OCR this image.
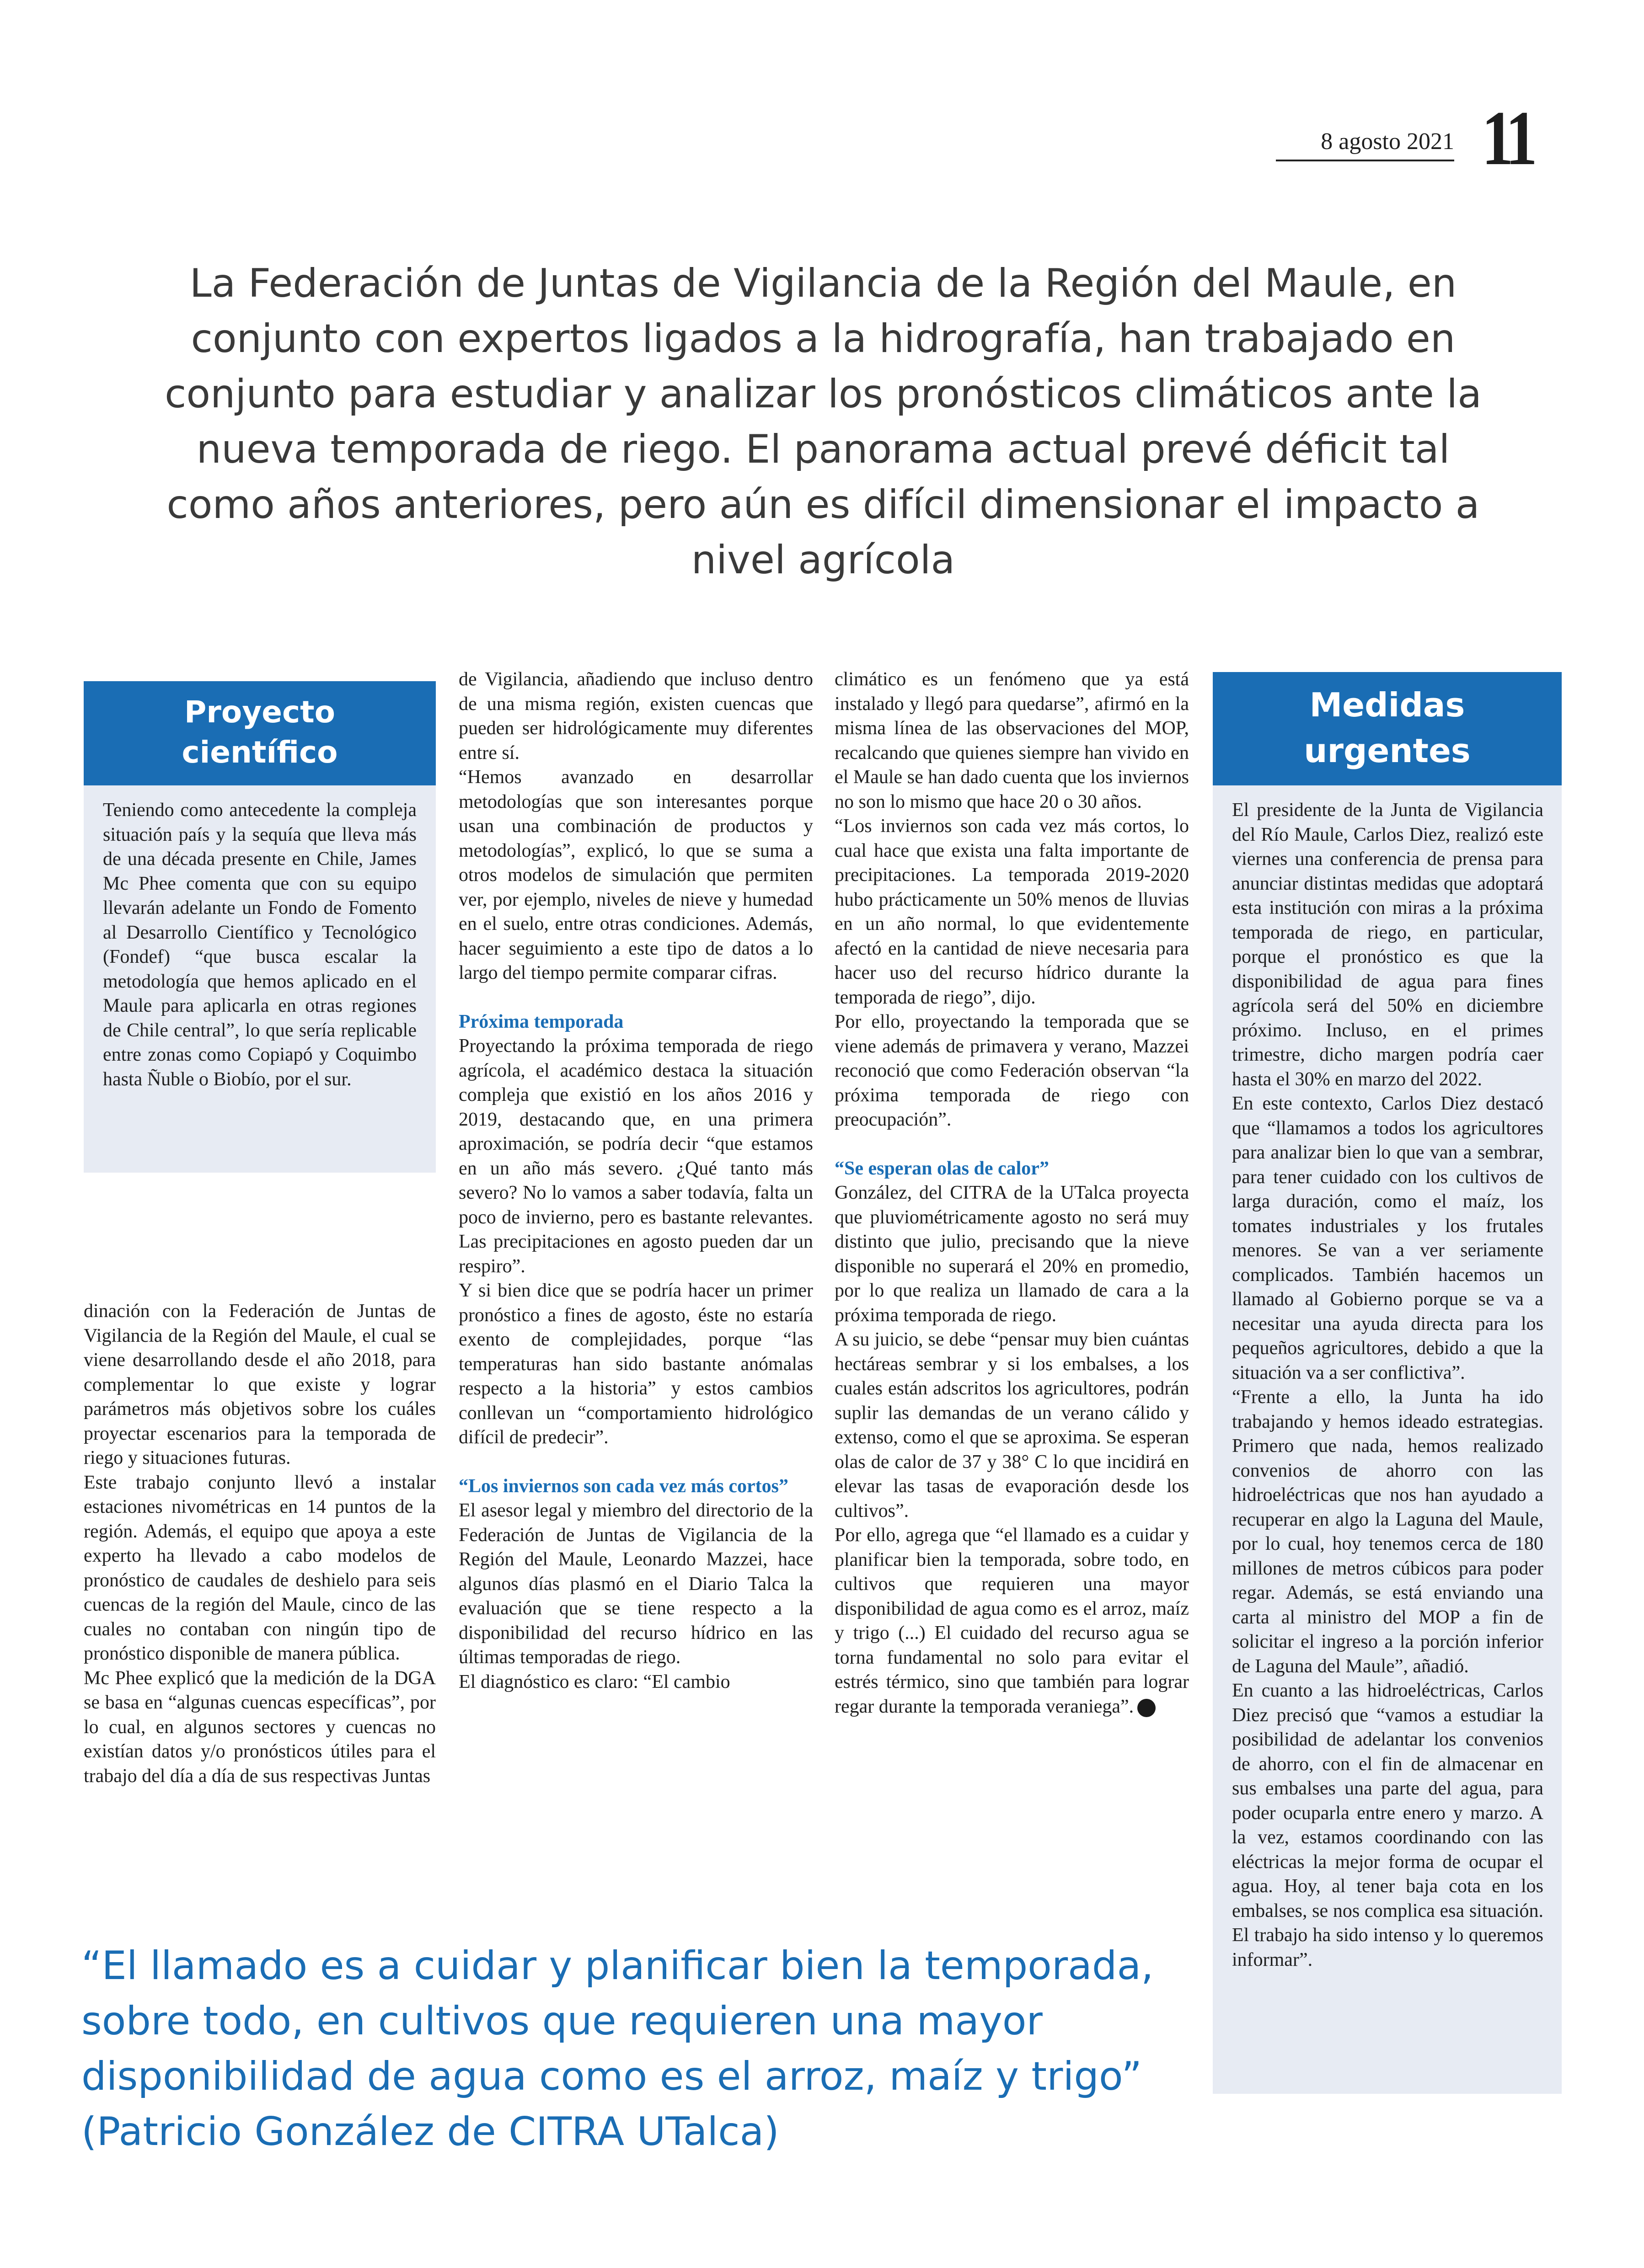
8 agosto 2021 11
La Federación de Juntas de Vigilancia de la Región del Maule, en conjunto con expertos ligados a la hidrografía, han trabajado en conjunto para estudiar y analizar los pronósticos climáticos ante la nueva temporada de riego. El panorama actual prevé déficit tal como años anteriores, pero aún es difícil dimensionar el impacto a nivel agrícola
Proyecto científico

Teniendo como antecedente la compleja situación país y la sequía que lleva más de una década presente en Chile, James Mc Phee comenta que con su equipo llevarán adelante un Fondo de Fomento al Desarrollo Científico y Tecnológico (Fondef) “que busca escalar la metodología que hemos aplicado en el Maule para aplicarla en otras regiones de Chile central”, lo que sería replicable entre zonas como Copiapó y Coquimbo hasta Ñuble o Biobío, por el sur.

dinación con la Federación de Juntas de Vigilancia de la Región del Maule, el cual se viene desarrollando desde el año 2018, para complementar lo que existe y lograr parámetros más objetivos sobre los cuáles proyectar escenarios para la temporada de riego y situaciones futuras.

Este trabajo conjunto llevó a instalar estaciones nivométricas en 14 puntos de la región. Además, el equipo que apoya a este experto ha llevado a cabo modelos de pronóstico de caudales de deshielo para seis cuencas de la región del Maule, cinco de las cuales no contaban con ningún tipo de pronóstico disponible de manera pública.

Mc Phee explicó que la medición de la DGA se basa en “algunas cuencas específicas”, por lo cual, en algunos sectores y cuencas no existían datos y/o pronósticos útiles para el trabajo del día a día de sus respectivas Juntas

de Vigilancia, añadiendo que incluso dentro de una misma región, existen cuencas que pueden ser hidrológicamente muy diferentes entre sí.

“Hemos avanzado en desarrollar metodologías que son interesantes porque usan una combinación de productos y metodologías”, explicó, lo que se suma a otros modelos de simulación que permiten ver, por ejemplo, niveles de nieve y humedad en el suelo, entre otras condiciones. Además, hacer seguimiento a este tipo de datos a lo largo del tiempo permite comparar cifras.

Próxima temporada

Proyectando la próxima temporada de riego agrícola, el académico destaca la situación compleja que existió en los años 2016 y 2019, destacando que, en una primera aproximación, se podría decir “que estamos en un año más severo. ¿Qué tanto más severo? No lo vamos a saber todavía, falta un poco de invierno, pero es bastante relevantes. Las precipitaciones en agosto pueden dar un respiro”.

Y si bien dice que se podría hacer un primer pronóstico a fines de agosto, éste no estaría exento de complejidades, porque “las temperaturas han sido bastante anómalas respecto a la historia” y estos cambios conllevan un “comportamiento hidrológico difícil de predecir”.

“Los inviernos son cada vez más cortos”

El asesor legal y miembro del directorio de la Federación de Juntas de Vigilancia de la Región del Maule, Leonardo Mazzei, hace algunos días plasmó en el Diario Talca la evaluación que se tiene respecto a la disponibilidad del recurso hídrico en las últimas temporadas de riego.

El diagnóstico es claro: “El cambio

climático es un fenómeno que ya está instalado y llegó para quedarse”, afirmó en la misma línea de las observaciones del MOP, recalcando que quienes siempre han vivido en el Maule se han dado cuenta que los inviernos no son lo mismo que hace 20 o 30 años.

“Los inviernos son cada vez más cortos, lo cual hace que exista una falta importante de precipitaciones. La temporada 2019-2020 hubo prácticamente un 50% menos de lluvias en un año normal, lo que evidentemente afectó en la cantidad de nieve necesaria para hacer uso del recurso hídrico durante la temporada de riego”, dijo.

Por ello, proyectando la temporada que se viene además de primavera y verano, Mazzei reconoció que como Federación observan “la próxima temporada de riego con preocupación”.

“Se esperan olas de calor”

González, del CITRA de la UTalca proyecta que pluviométricamente agosto no será muy distinto que julio, precisando que la nieve disponible no superará el 20% en promedio, por lo que realiza un llamado de cara a la próxima temporada de riego.

A su juicio, se debe “pensar muy bien cuántas hectáreas sembrar y si los embalses, a los cuales están adscritos los agricultores, podrán suplir las demandas de un verano cálido y extenso, como el que se aproxima. Se esperan olas de calor de 37 y 38° C lo que incidirá en elevar las tasas de evaporación desde los cultivos”.

Por ello, agrega que “el llamado es a cuidar y planificar bien la temporada, sobre todo, en cultivos que requieren una mayor disponibilidad de agua como es el arroz, maíz y trigo (...) El cuidado del recurso agua se torna fundamental no solo para evitar el estrés térmico, sino que también para lograr regar durante la temporada veraniega”.

Medidas urgentes

El presidente de la Junta de Vigilancia del Río Maule, Carlos Diez, realizó este viernes una conferencia de prensa para anunciar distintas medidas que adoptará esta institución con miras a la próxima temporada de riego, en particular, porque el pronóstico es que la disponibilidad de agua para fines agrícola será del 50% en diciembre próximo. Incluso, en el primes trimestre, dicho margen podría caer hasta el 30% en marzo del 2022.

En este contexto, Carlos Diez destacó que “llamamos a todos los agricultores para analizar bien lo que van a sembrar, para tener cuidado con los cultivos de larga duración, como el maíz, los tomates industriales y los frutales menores. Se van a ver seriamente complicados. También hacemos un llamado al Gobierno porque se va a necesitar una ayuda directa para los pequeños agricultores, debido a que la situación va a ser conflictiva”.

“Frente a ello, la Junta ha ido trabajando y hemos ideado estrategias. Primero que nada, hemos realizado convenios de ahorro con las hidroeléctricas que nos han ayudado a recuperar en algo la Laguna del Maule, por lo cual, hoy tenemos cerca de 180 millones de metros cúbicos para poder regar. Además, se está enviando una carta al ministro del MOP a fin de solicitar el ingreso a la porción inferior de Laguna del Maule”, añadió.

En cuanto a las hidroeléctricas, Carlos Diez precisó que “vamos a estudiar la posibilidad de adelantar los convenios de ahorro, con el fin de almacenar en sus embalses una parte del agua, para poder ocuparla entre enero y marzo. A la vez, estamos coordinando con las eléctricas la mejor forma de ocupar el agua. Hoy, al tener baja cota en los embalses, se nos complica esa situación. El trabajo ha sido intenso y lo queremos informar”.

“El llamado es a cuidar y planificar bien la temporada, sobre todo, en cultivos que requieren una mayor disponibilidad de agua como es el arroz, maíz y trigo” (Patricio González de CITRA UTalca)
